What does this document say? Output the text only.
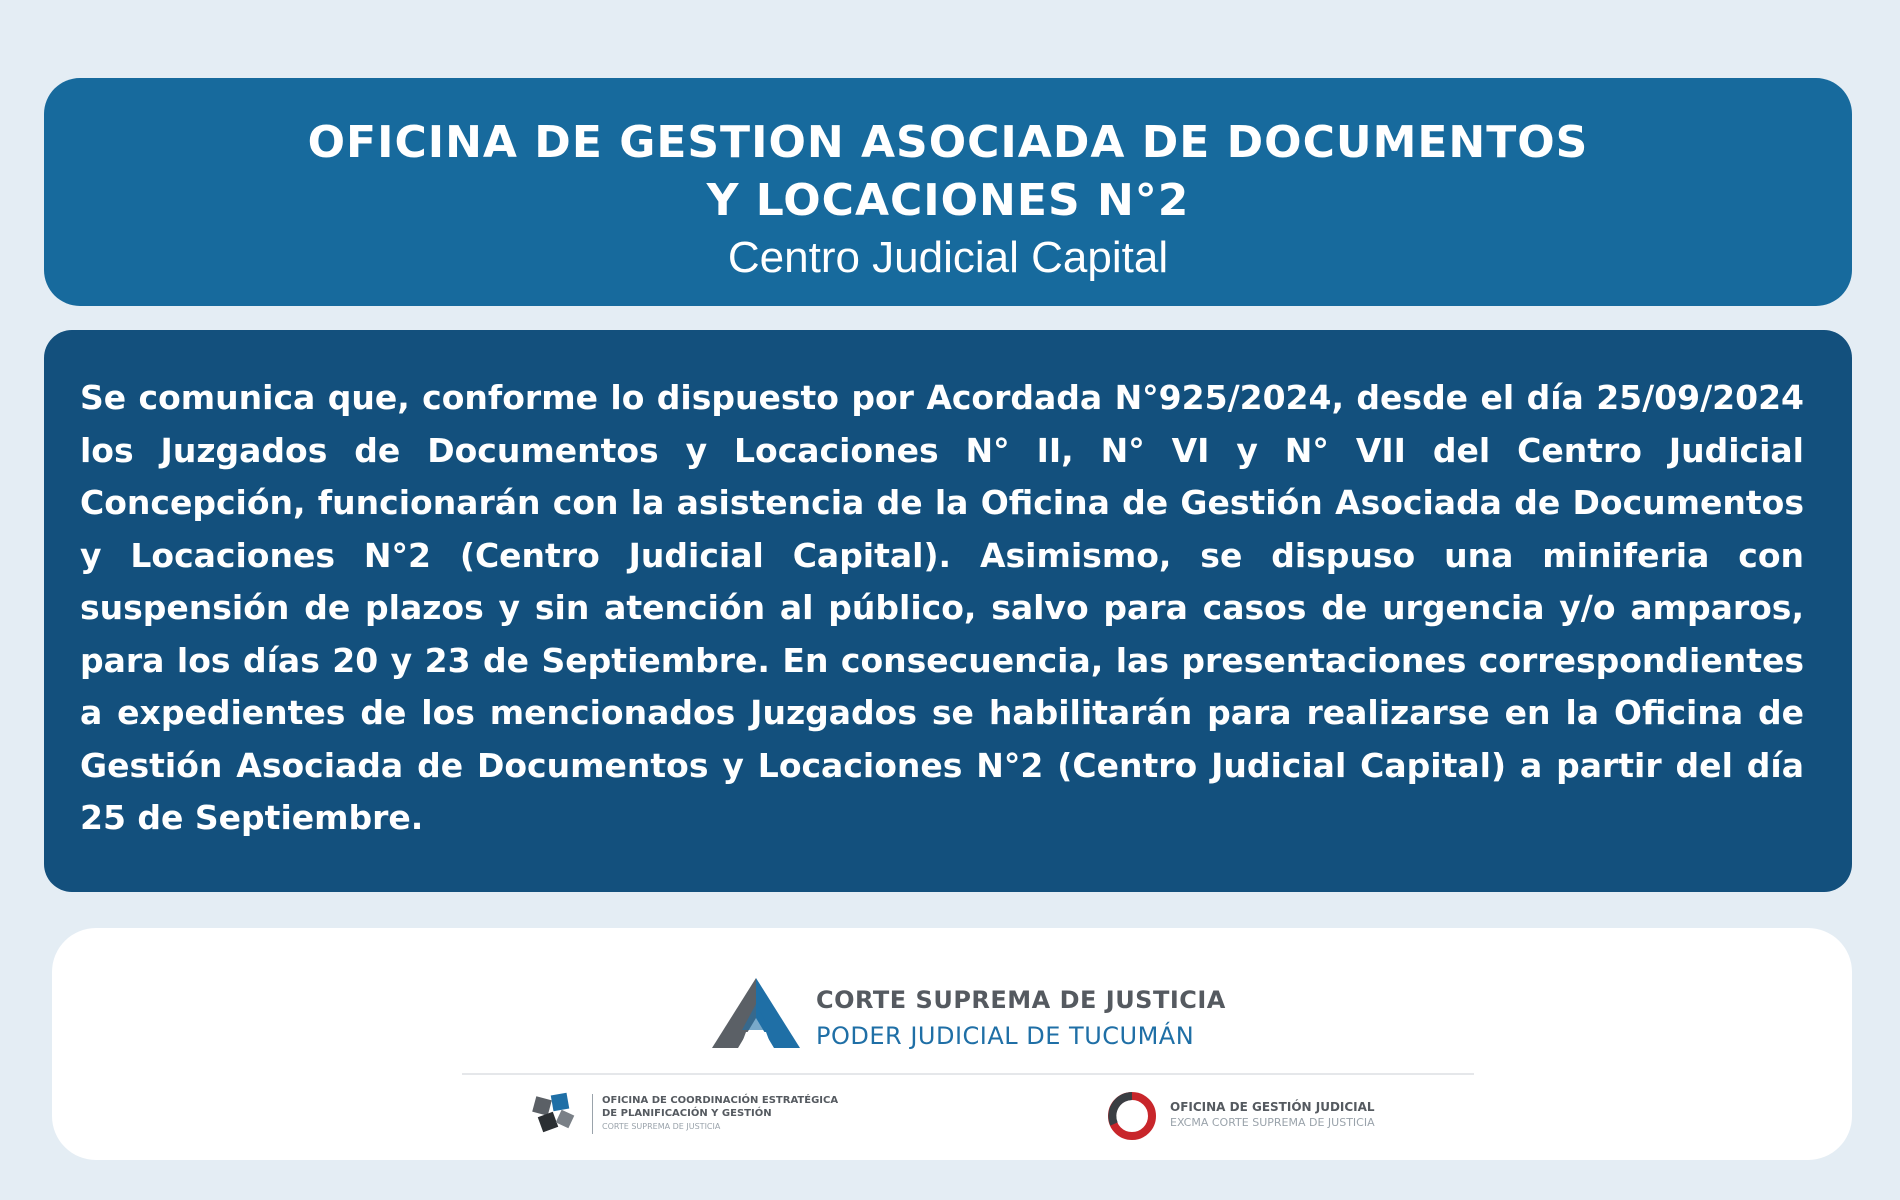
OFICINA DE GESTION ASOCIADA DE DOCUMENTOS

Y LOCACIONES N°2

Centro Judicial Capital

Se comunica que, conforme lo dispuesto por Acordada N°925/2024, desde el día 25/09/2024 los Juzgados de Documentos y Locaciones N° II, N° VI y N° VII del Centro Judicial Concepción, funcionarán con la asistencia de la Oficina de Gestión Asociada de Documentos y Locaciones N°2 (Centro Judicial Capital). Asimismo, se dispuso una miniferia con suspensión de plazos y sin atención al público, salvo para casos de urgencia y/o amparos, para los días 20 y 23 de Septiembre. En consecuencia, las presentaciones correspondientes a expedientes de los mencionados Juzgados se habilitarán para realizarse en la Oficina de Gestión Asociada de Documentos y Locaciones N°2 (Centro Judicial Capital) a partir del día 25 de Septiembre.

CORTE SUPREMA DE JUSTICIA
PODER JUDICIAL DE TUCUMÁN
OFICINA DE COORDINACIÓN ESTRATÉGICA
DE PLANIFICACIÓN Y GESTIÓN
CORTE SUPREMA DE JUSTICIA
OFICINA DE GESTIÓN JUDICIAL
EXCMA CORTE SUPREMA DE JUSTICIA
